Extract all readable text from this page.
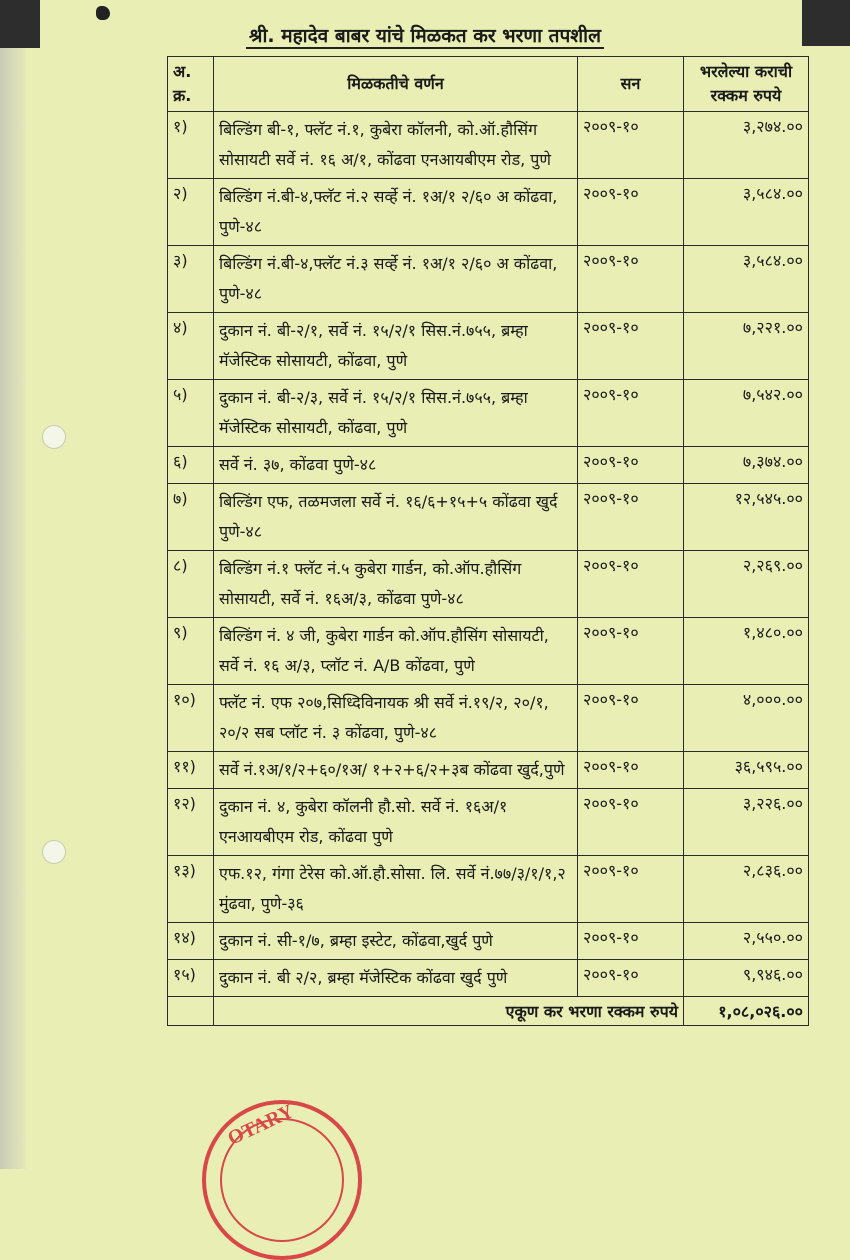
श्री. महादेव बाबर यांचे मिळकत कर भरणा तपशील
अ. क्र.	मिळकतीचे वर्णन	सन	भरलेल्या कराची रक्कम रुपये
१)	बिल्डिंग बी-१, फ्लॅट नं.१, कुबेरा कॉलनी, को.ऑ.हौसिंग सोसायटी सर्वे नं. १६ अ/१, कोंढवा एनआयबीएम रोड, पुणे	२००९-१०	३,२७४.००
२)	बिल्डिंग नं.बी-४,फ्लॅट नं.२ सर्व्हे नं. १अ/१ २/६० अ कोंढवा, पुणे-४८	२००९-१०	३,५८४.००
३)	बिल्डिंग नं.बी-४,फ्लॅट नं.३ सर्व्हे नं. १अ/१ २/६० अ कोंढवा, पुणे-४८	२००९-१०	३,५८४.००
४)	दुकान नं. बी-२/१, सर्वे नं. १५/२/१ सिस.नं.७५५, ब्रम्हा मॅजेस्टिक सोसायटी, कोंढवा, पुणे	२००९-१०	७,२२१.००
५)	दुकान नं. बी-२/३, सर्वे नं. १५/२/१ सिस.नं.७५५, ब्रम्हा मॅजेस्टिक सोसायटी, कोंढवा, पुणे	२००९-१०	७,५४२.००
६)	सर्वे नं. ३७, कोंढवा पुणे-४८	२००९-१०	७,३७४.००
७)	बिल्डिंग एफ, तळमजला सर्वे नं. १६/६+१५+५ कोंढवा खुर्द पुणे-४८	२००९-१०	१२,५४५.००
८)	बिल्डिंग नं.१ फ्लॅट नं.५ कुबेरा गार्डन, को.ऑप.हौसिंग सोसायटी, सर्वे नं. १६अ/३, कोंढवा पुणे-४८	२००९-१०	२,२६९.००
९)	बिल्डिंग नं. ४ जी, कुबेरा गार्डन को.ऑप.हौसिंग सोसायटी, सर्वे नं. १६ अ/३, प्लॉट नं. A/B कोंढवा, पुणे	२००९-१०	१,४८०.००
१०)	फ्लॅट नं. एफ २०७,सिध्दिविनायक श्री सर्वे नं.१९/२, २०/१, २०/२ सब प्लॉट नं. ३ कोंढवा, पुणे-४८	२००९-१०	४,०००.००
११)	सर्वे नं.१अ/१/२+६०/१अ/ १+२+६/२+३ब कोंढवा खुर्द,पुणे	२००९-१०	३६,५९५.००
१२)	दुकान नं. ४, कुबेरा कॉलनी हौ.सो. सर्वे नं. १६अ/१ एनआयबीएम रोड, कोंढवा पुणे	२००९-१०	३,२२६.००
१३)	एफ.१२, गंगा टेरेस को.ऑ.हौ.सोसा. लि. सर्वे नं.७७/३/१/१,२ मुंढवा, पुणे-३६	२००९-१०	२,८३६.००
१४)	दुकान नं. सी-१/७, ब्रम्हा इस्टेट, कोंढवा,खुर्द पुणे	२००९-१०	२,५५०.००
१५)	दुकान नं. बी २/२, ब्रम्हा मॅजेस्टिक कोंढवा खुर्द पुणे	२००९-१०	९,९४६.००
	एकूण कर भरणा रक्कम रुपये		१,०८,०२६.००
OTARY
